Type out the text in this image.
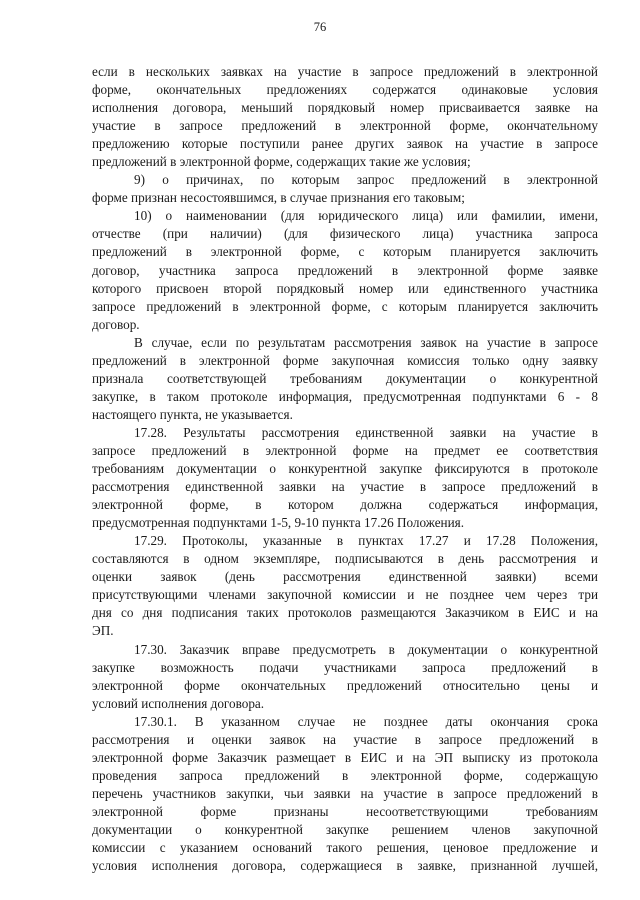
76
если в нескольких заявках на участие в запросе предложений в электронной
форме, окончательных предложениях содержатся одинаковые условия
исполнения договора, меньший порядковый номер присваивается заявке на
участие в запросе предложений в электронной форме, окончательному
предложению которые поступили ранее других заявок на участие в запросе
предложений в электронной форме, содержащих такие же условия;
9) о причинах, по которым запрос предложений в электронной
форме признан несостоявшимся, в случае признания его таковым;
10) о наименовании (для юридического лица) или фамилии, имени,
отчестве (при наличии) (для физического лица) участника запроса
предложений в электронной форме, с которым планируется заключить
договор, участника запроса предложений в электронной форме заявке
которого присвоен второй порядковый номер или единственного участника
запросе предложений в электронной форме, с которым планируется заключить
договор.
В случае, если по результатам рассмотрения заявок на участие в запросе
предложений в электронной форме закупочная комиссия только одну заявку
признала соответствующей требованиям документации о конкурентной
закупке, в таком протоколе информация, предусмотренная подпунктами 6 - 8
настоящего пункта, не указывается.
17.28. Результаты рассмотрения единственной заявки на участие в
запросе предложений в электронной форме на предмет ее соответствия
требованиям документации о конкурентной закупке фиксируются в протоколе
рассмотрения единственной заявки на участие в запросе предложений в
электронной форме, в котором должна содержаться информация,
предусмотренная подпунктами 1-5, 9-10 пункта 17.26 Положения.
17.29. Протоколы, указанные в пунктах 17.27 и 17.28 Положения,
составляются в одном экземпляре, подписываются в день рассмотрения и
оценки заявок (день рассмотрения единственной заявки) всеми
присутствующими членами закупочной комиссии и не позднее чем через три
дня со дня подписания таких протоколов размещаются Заказчиком в ЕИС и на
ЭП.
17.30. Заказчик вправе предусмотреть в документации о конкурентной
закупке возможность подачи участниками запроса предложений в
электронной форме окончательных предложений относительно цены и
условий исполнения договора.
17.30.1. В указанном случае не позднее даты окончания срока
рассмотрения и оценки заявок на участие в запросе предложений в
электронной форме Заказчик размещает в ЕИС и на ЭП выписку из протокола
проведения запроса предложений в электронной форме, содержащую
перечень участников закупки, чьи заявки на участие в запросе предложений в
электронной форме признаны несоответствующими требованиям
документации о конкурентной закупке решением членов закупочной
комиссии с указанием оснований такого решения, ценовое предложение и
условия исполнения договора, содержащиеся в заявке, признанной лучшей,
